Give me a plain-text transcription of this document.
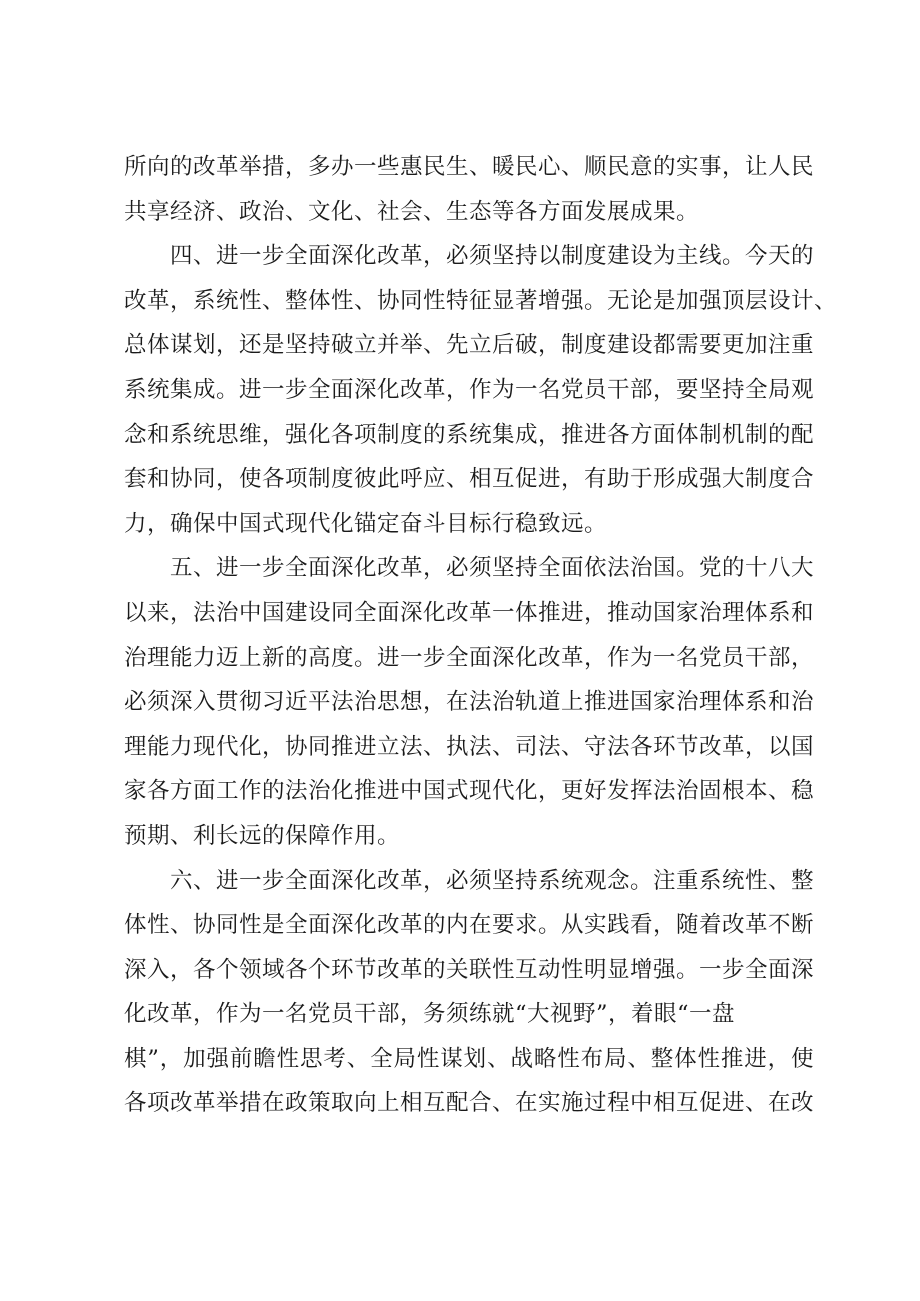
所向的改革举措，多办一些惠民生、暖民心、顺民意的实事，让人民
共享经济、政治、文化、社会、生态等各方面发展成果。
四、进一步全面深化改革，必须坚持以制度建设为主线。今天的
改革，系统性、整体性、协同性特征显著增强。无论是加强顶层设计、
总体谋划，还是坚持破立并举、先立后破，制度建设都需要更加注重
系统集成。进一步全面深化改革，作为一名党员干部，要坚持全局观
念和系统思维，强化各项制度的系统集成，推进各方面体制机制的配
套和协同，使各项制度彼此呼应、相互促进，有助于形成强大制度合
力，确保中国式现代化锚定奋斗目标行稳致远。
五、进一步全面深化改革，必须坚持全面依法治国。党的十八大
以来，法治中国建设同全面深化改革一体推进，推动国家治理体系和
治理能力迈上新的高度。进一步全面深化改革，作为一名党员干部，
必须深入贯彻习近平法治思想，在法治轨道上推进国家治理体系和治
理能力现代化，协同推进立法、执法、司法、守法各环节改革，以国
家各方面工作的法治化推进中国式现代化，更好发挥法治固根本、稳
预期、利长远的保障作用。
六、进一步全面深化改革，必须坚持系统观念。注重系统性、整
体性、协同性是全面深化改革的内在要求。从实践看，随着改革不断
深入，各个领域各个环节改革的关联性互动性明显增强。一步全面深
化改革，作为一名党员干部，务须练就“大视野”，着眼“一盘
棋”，加强前瞻性思考、全局性谋划、战略性布局、整体性推进，使
各项改革举措在政策取向上相互配合、在实施过程中相互促进、在改
